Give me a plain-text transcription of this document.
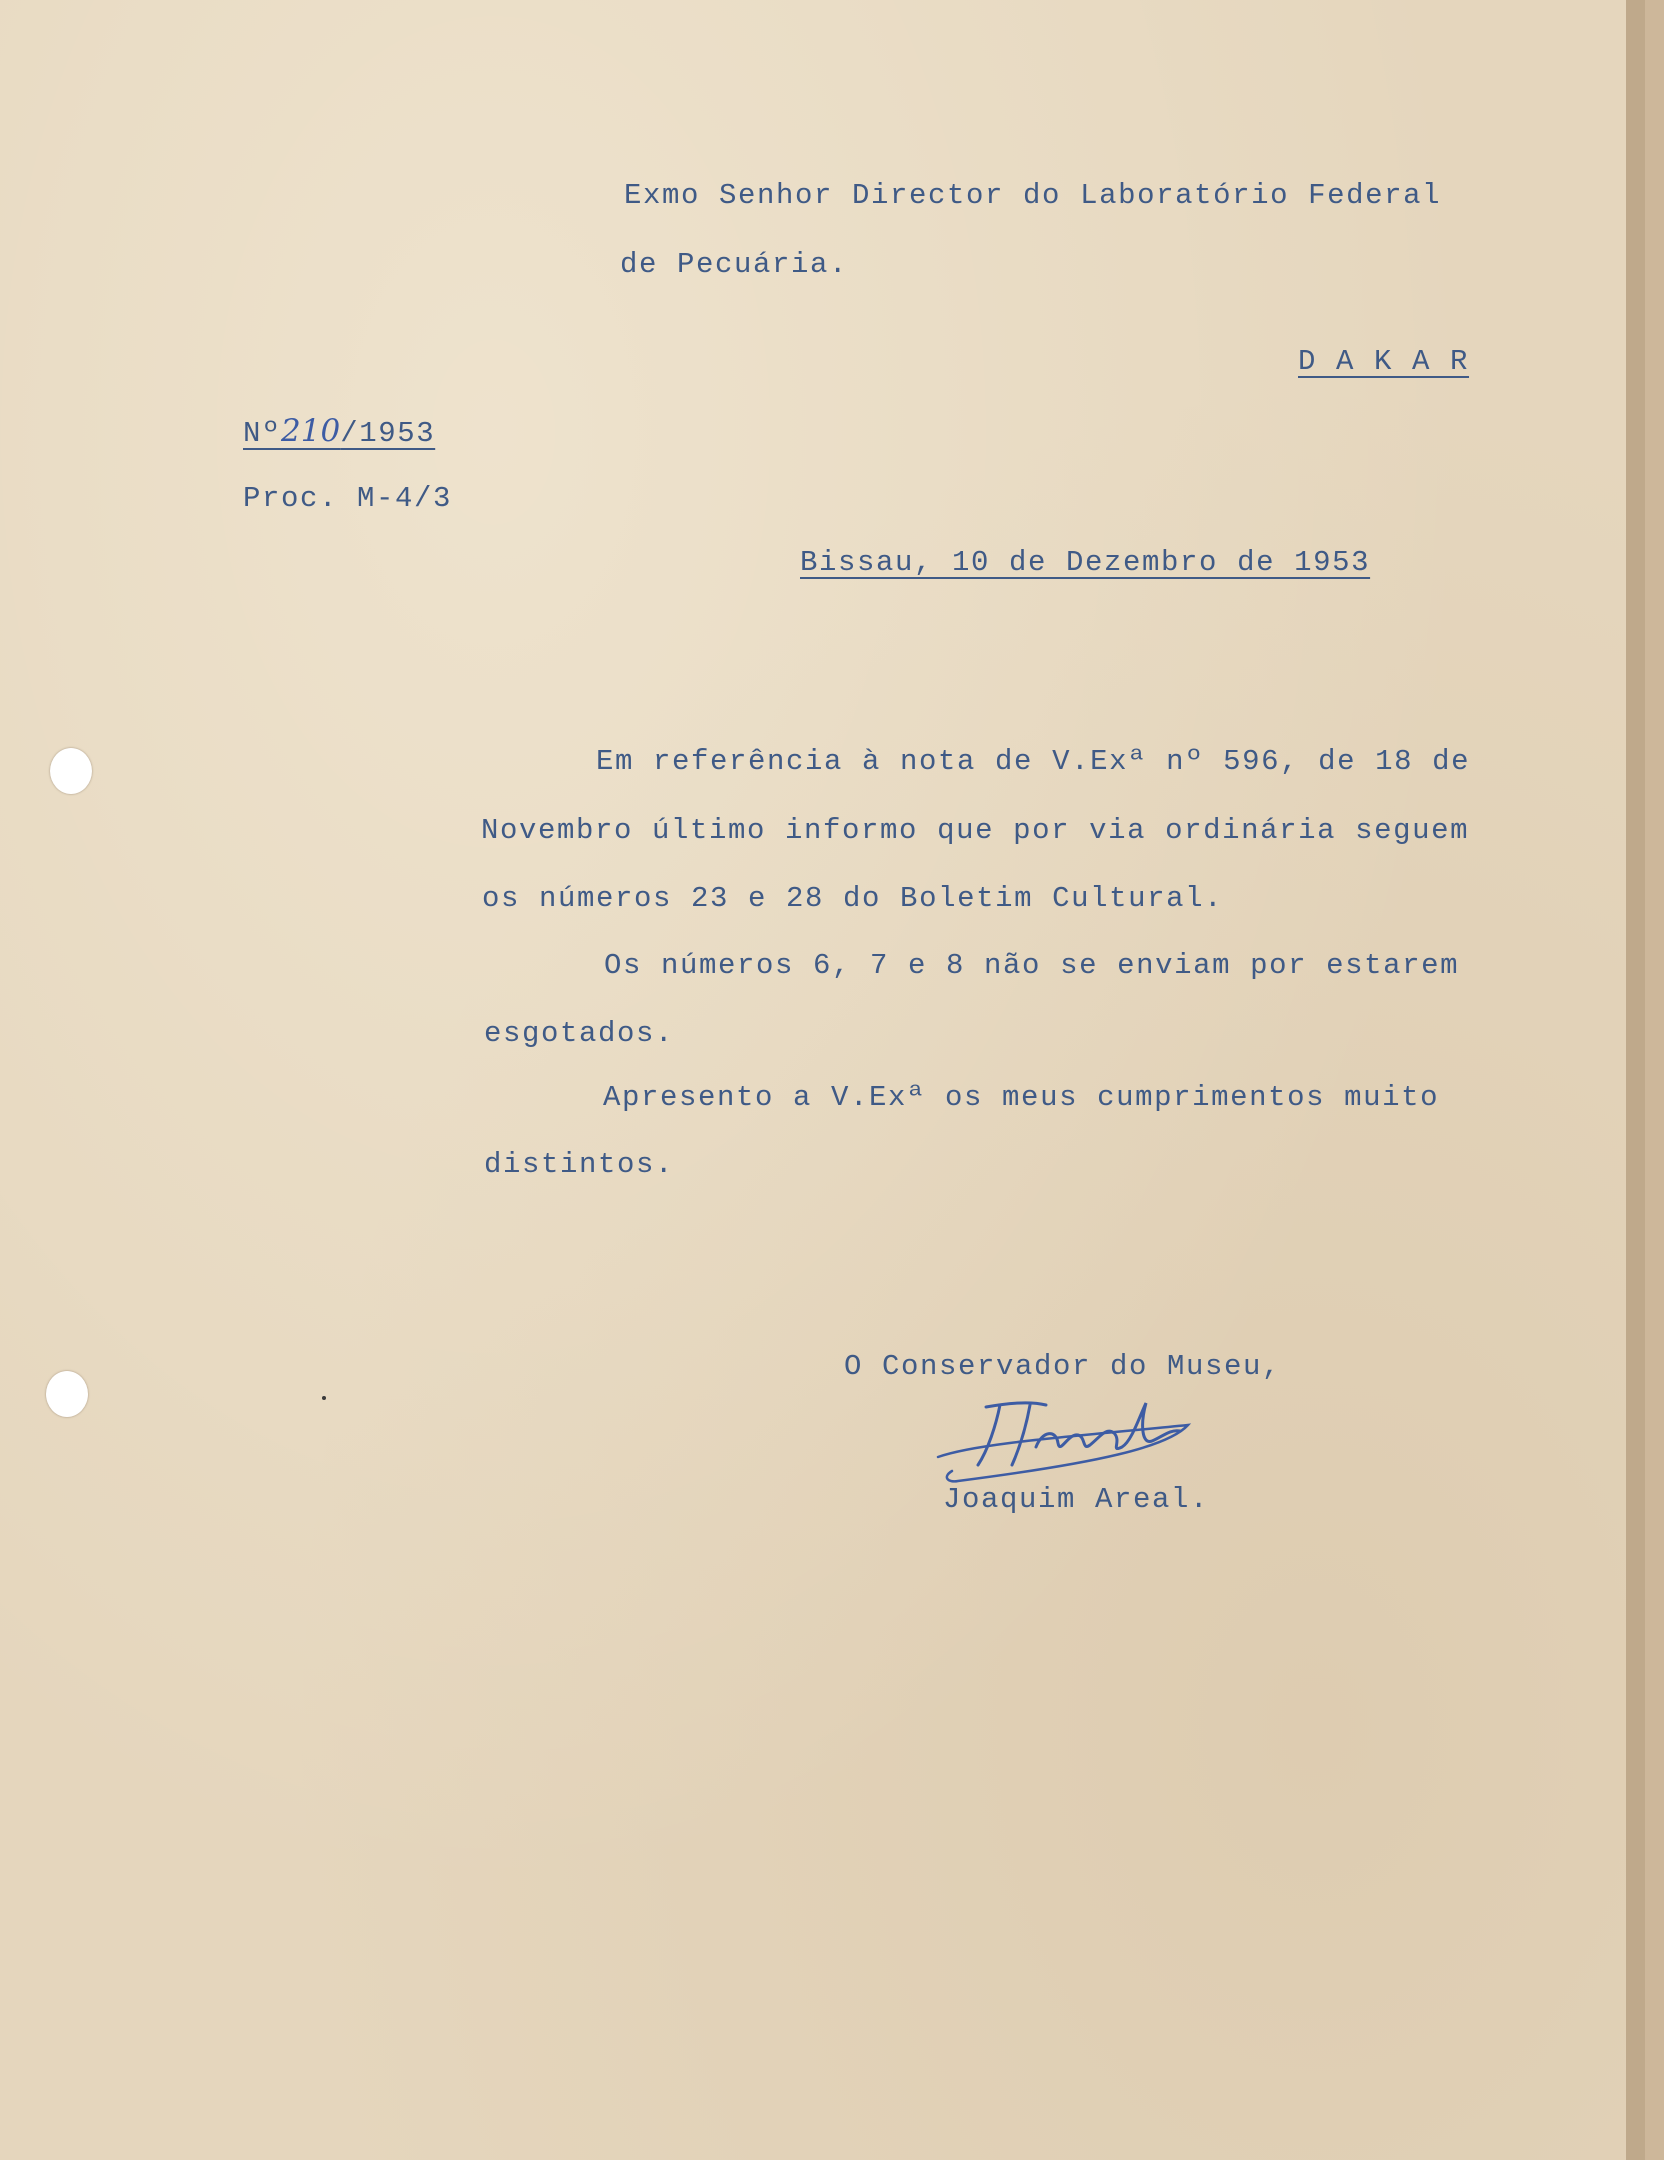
Exmo Senhor Director do Laboratório Federal
de Pecuária.
D A K A R
Nº210/1953
Proc. M-4/3
Bissau, 10 de Dezembro de 1953
Em referência à nota de V.Exª nº 596, de 18 de
Novembro último informo que por via ordinária seguem
os números 23 e 28 do Boletim Cultural.
Os números 6, 7 e 8 não se enviam por estarem
esgotados.
Apresento a V.Exª os meus cumprimentos muito
distintos.
O Conservador do Museu,
Joaquim Areal.
